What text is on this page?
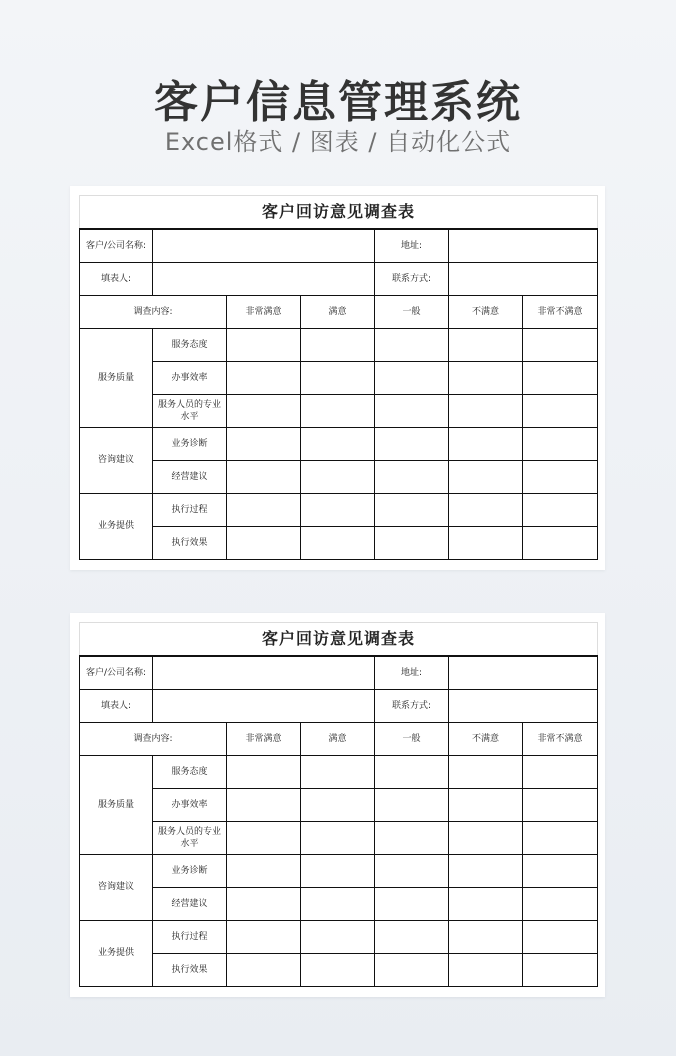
客户信息管理系统
Excel格式 / 图表 / 自动化公式
客户回访意见调查表						
客户/公司名称:				地址:		
填表人:				联系方式:		
调查内容:		非常满意	满意	一般	不满意	非常不满意
服务质量	服务态度					
	办事效率					
	服务人员的专业水平					
咨询建议	业务诊断					
	经营建议					
业务提供	执行过程					
	执行效果					
客户回访意见调查表						
客户/公司名称:				地址:		
填表人:				联系方式:		
调查内容:		非常满意	满意	一般	不满意	非常不满意
服务质量	服务态度					
	办事效率					
	服务人员的专业水平					
咨询建议	业务诊断					
	经营建议					
业务提供	执行过程					
	执行效果					
